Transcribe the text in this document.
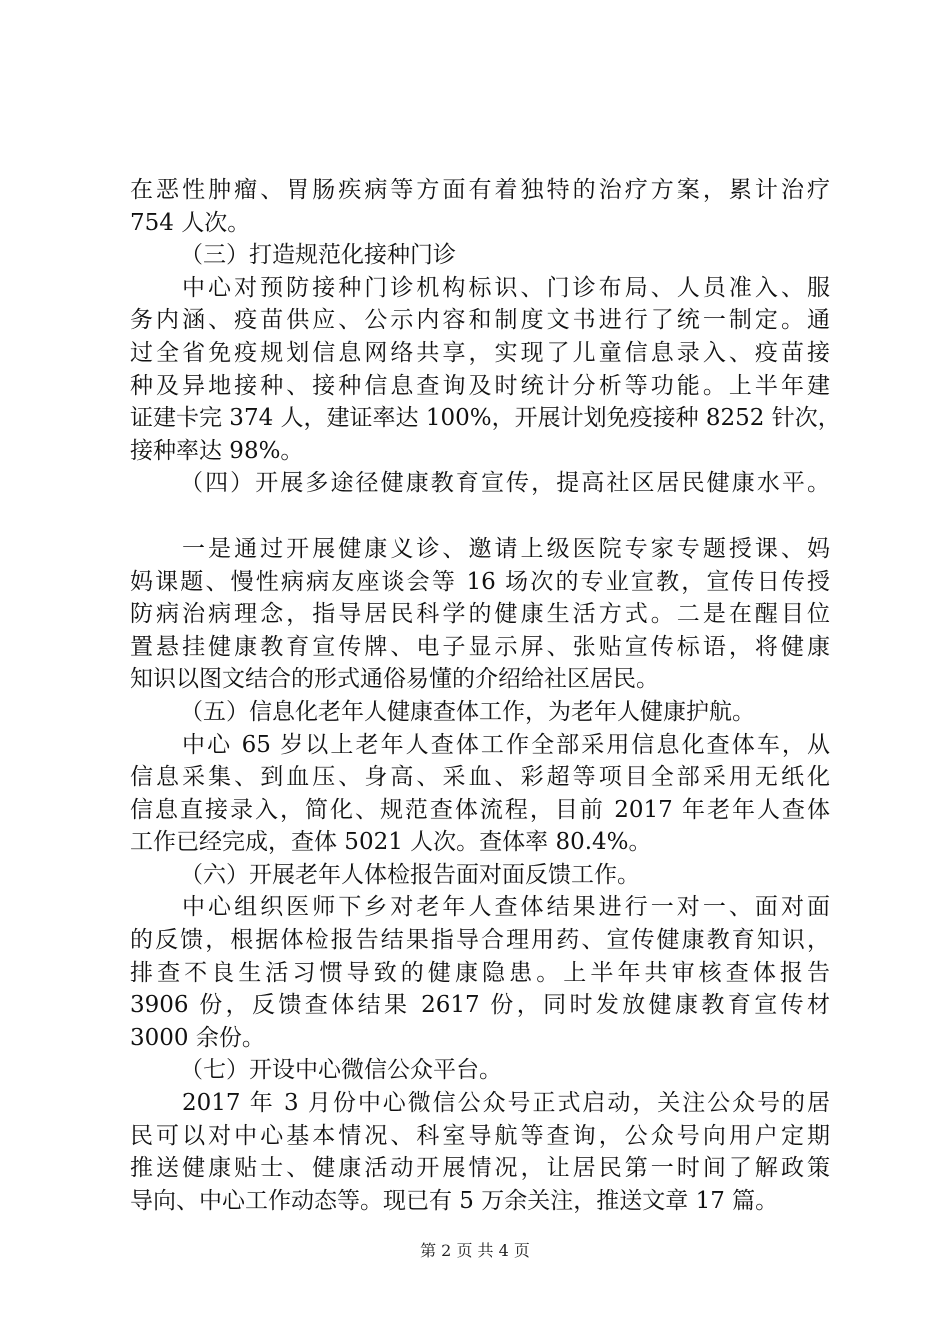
在恶性肿瘤、胃肠疾病等方面有着独特的治疗方案，累计治疗
754 人次。
（三）打造规范化接种门诊
中心对预防接种门诊机构标识、门诊布局、人员准入、服
务内涵、疫苗供应、公示内容和制度文书进行了统一制定。通
过全省免疫规划信息网络共享，实现了儿童信息录入、疫苗接
种及异地接种、接种信息查询及时统计分析等功能。上半年建
证建卡完 374 人，建证率达 100%，开展计划免疫接种 8252 针次，
接种率达 98%。
（四）开展多途径健康教育宣传，提高社区居民健康水平。
一是通过开展健康义诊、邀请上级医院专家专题授课、妈
妈课题、慢性病病友座谈会等 16 场次的专业宣教，宣传日传授
防病治病理念，指导居民科学的健康生活方式。二是在醒目位
置悬挂健康教育宣传牌、电子显示屏、张贴宣传标语，将健康
知识以图文结合的形式通俗易懂的介绍给社区居民。
（五）信息化老年人健康查体工作，为老年人健康护航。
中心 65 岁以上老年人查体工作全部采用信息化查体车，从
信息采集、到血压、身高、采血、彩超等项目全部采用无纸化
信息直接录入，简化、规范查体流程，目前 2017 年老年人查体
工作已经完成，查体 5021 人次。查体率 80.4%。
（六）开展老年人体检报告面对面反馈工作。
中心组织医师下乡对老年人查体结果进行一对一、面对面
的反馈，根据体检报告结果指导合理用药、宣传健康教育知识，
排查不良生活习惯导致的健康隐患。上半年共审核查体报告
3906 份，反馈查体结果 2617 份，同时发放健康教育宣传材
3000 余份。
（七）开设中心微信公众平台。
2017 年 3 月份中心微信公众号正式启动，关注公众号的居
民可以对中心基本情况、科室导航等查询，公众号向用户定期
推送健康贴士、健康活动开展情况，让居民第一时间了解政策
导向、中心工作动态等。现已有 5 万余关注，推送文章 17 篇。
第 2 页 共 4 页
